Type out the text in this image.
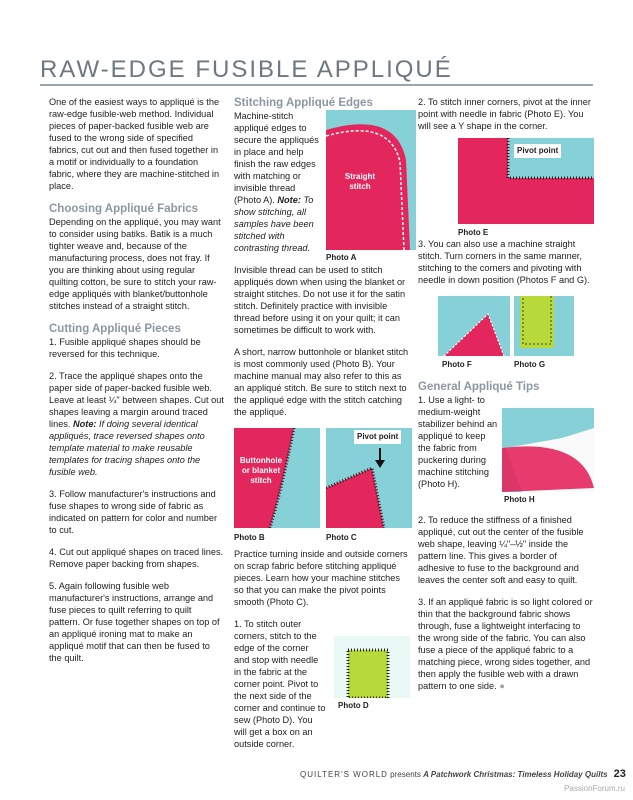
RAW-EDGE FUSIBLE APPLIQUÉ

One of the easiest ways to appliqué is the raw-edge fusible-web method. Individual pieces of paper-backed fusible web are fused to the wrong side of specified fabrics, cut out and then fused together in a motif or individually to a foundation fabric, where they are machine-stitched in place.

Choosing Appliqué Fabrics

Depending on the appliqué, you may want to consider using batiks. Batik is a much tighter weave and, because of the manufacturing process, does not fray. If you are thinking about using regular quilting cotton, be sure to stitch your raw-edge appliqués with blanket/buttonhole stitches instead of a straight stitch.

Cutting Appliqué Pieces

1. Fusible appliqué shapes should be reversed for this technique.

2. Trace the appliqué shapes onto the paper side of paper-backed fusible web. Leave at least ¼" between shapes. Cut out shapes leaving a margin around traced lines. Note: If doing several identical appliqués, trace reversed shapes onto template material to make reusable templates for tracing shapes onto the fusible web.

3. Follow manufacturer's instructions and fuse shapes to wrong side of fabric as indicated on pattern for color and number to cut.

4. Cut out appliqué shapes on traced lines. Remove paper backing from shapes.

5. Again following fusible web manufacturer's instructions, arrange and fuse pieces to quilt referring to quilt pattern. Or fuse together shapes on top of an appliqué ironing mat to make an appliqué motif that can then be fused to the quilt.

Stitching Appliqué Edges
Machine-stitch appliqué edges to secure the appliqués in place and help finish the raw edges with matching or invisible thread (Photo A). Note: To show stitching, all samples have been stitched with contrasting thread.
Straight stitch
Photo A

Invisible thread can be used to stitch appliqués down when using the blanket or straight stitches. Do not use it for the satin stitch. Definitely practice with invisible thread before using it on your quilt; it can sometimes be difficult to work with.

A short, narrow buttonhole or blanket stitch is most commonly used (Photo B). Your machine manual may also refer to this as an appliqué stitch. Be sure to stitch next to the appliqué edge with the stitch catching the appliqué.

Buttonhole or blanket stitch
Pivot point
Photo B	Photo C

Practice turning inside and outside corners on scrap fabric before stitching appliqué pieces. Learn how your machine stitches so that you can make the pivot points smooth (Photo C).

1. To stitch outer corners, stitch to the edge of the corner and stop with needle in the fabric at the corner point. Pivot to the next side of the corner and continue to sew (Photo D). You will get a box on an outside corner.
Photo D

2. To stitch inner corners, pivot at the inner point with needle in fabric (Photo E). You will see a Y shape in the corner.

Pivot point
Photo E

3. You can also use a machine straight stitch. Turn corners in the same manner, stitching to the corners and pivoting with needle in down position (Photos F and G).

Photo F	Photo G
General Appliqué Tips
1. Use a light- to medium-weight stabilizer behind an appliqué to keep the fabric from puckering during machine stitching (Photo H).
Photo H

2. To reduce the stiffness of a finished appliqué, cut out the center of the fusible web shape, leaving ¼"–½" inside the pattern line. This gives a border of adhesive to fuse to the background and leaves the center soft and easy to quilt.

3. If an appliqué fabric is so light colored or thin that the background fabric shows through, fuse a lightweight interfacing to the wrong side of the fabric. You can also fuse a piece of the appliqué fabric to a matching piece, wrong sides together, and then apply the fusible web with a drawn pattern to one side. ●

QUILTER'S WORLD presents A Patchwork Christmas: Timeless Holiday Quilts 23
PassionForum.ru
